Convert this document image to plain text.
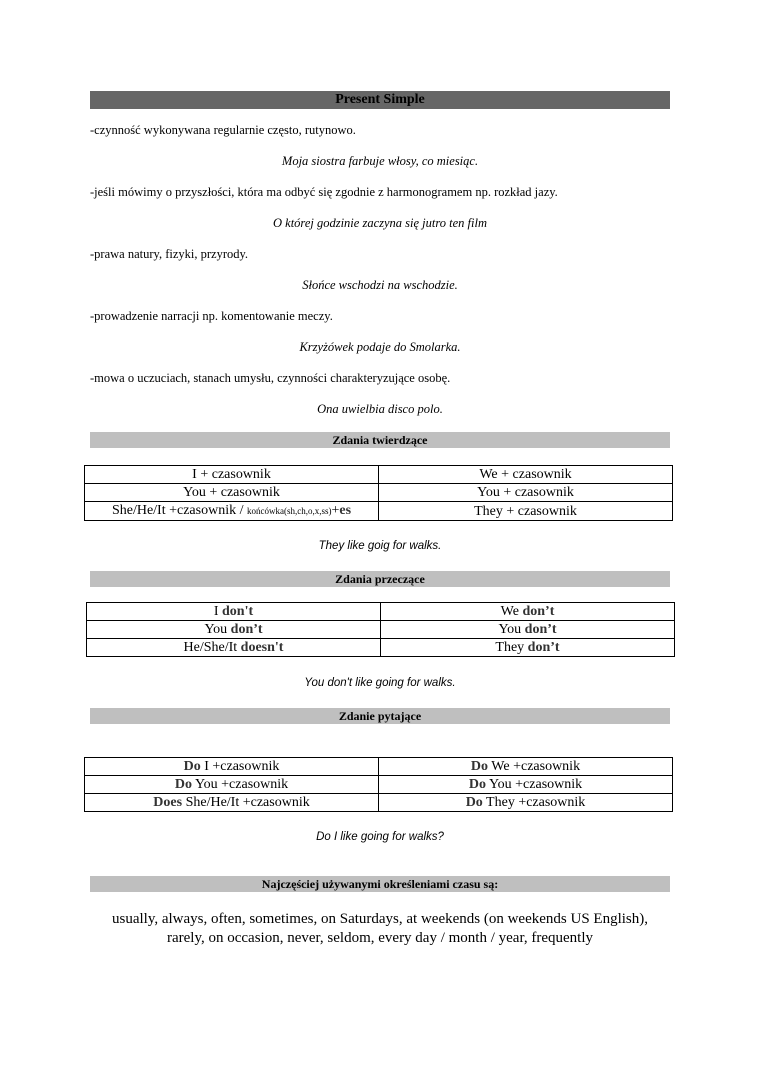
Present Simple
-czynność wykonywana regularnie często, rutynowo.
Moja siostra farbuje włosy, co miesiąc.
-jeśli mówimy o przyszłości, która ma odbyć się zgodnie z harmonogramem np. rozkład jazy.
O której godzinie zaczyna się jutro ten film
-prawa natury, fizyki, przyrody.
Słońce wschodzi na wschodzie.
-prowadzenie narracji np. komentowanie meczy.
Krzyżówek podaje do Smolarka.
-mowa o uczuciach, stanach umysłu, czynności charakteryzujące osobę.
Ona uwielbia disco polo.
Zdania twierdzące
I + czasownik	We + czasownik
You + czasownik	You + czasownik
She/He/It +czasownik / końcówka(sh,ch,o,x,ss)+es	They + czasownik
They like goig for walks.
Zdania przeczące
I don't	We don’t
You don’t	You don’t
He/She/It doesn't	They don’t
You don't like going for walks.
Zdanie pytające
Do I +czasownik	Do We +czasownik
Do You +czasownik	Do You +czasownik
Does She/He/It +czasownik	Do They +czasownik
Do I like going for walks?
Najczęściej używanymi określeniami czasu są:
usually, always, often, sometimes, on Saturdays, at weekends (on weekends US English),
rarely, on occasion, never, seldom, every day / month / year, frequently
